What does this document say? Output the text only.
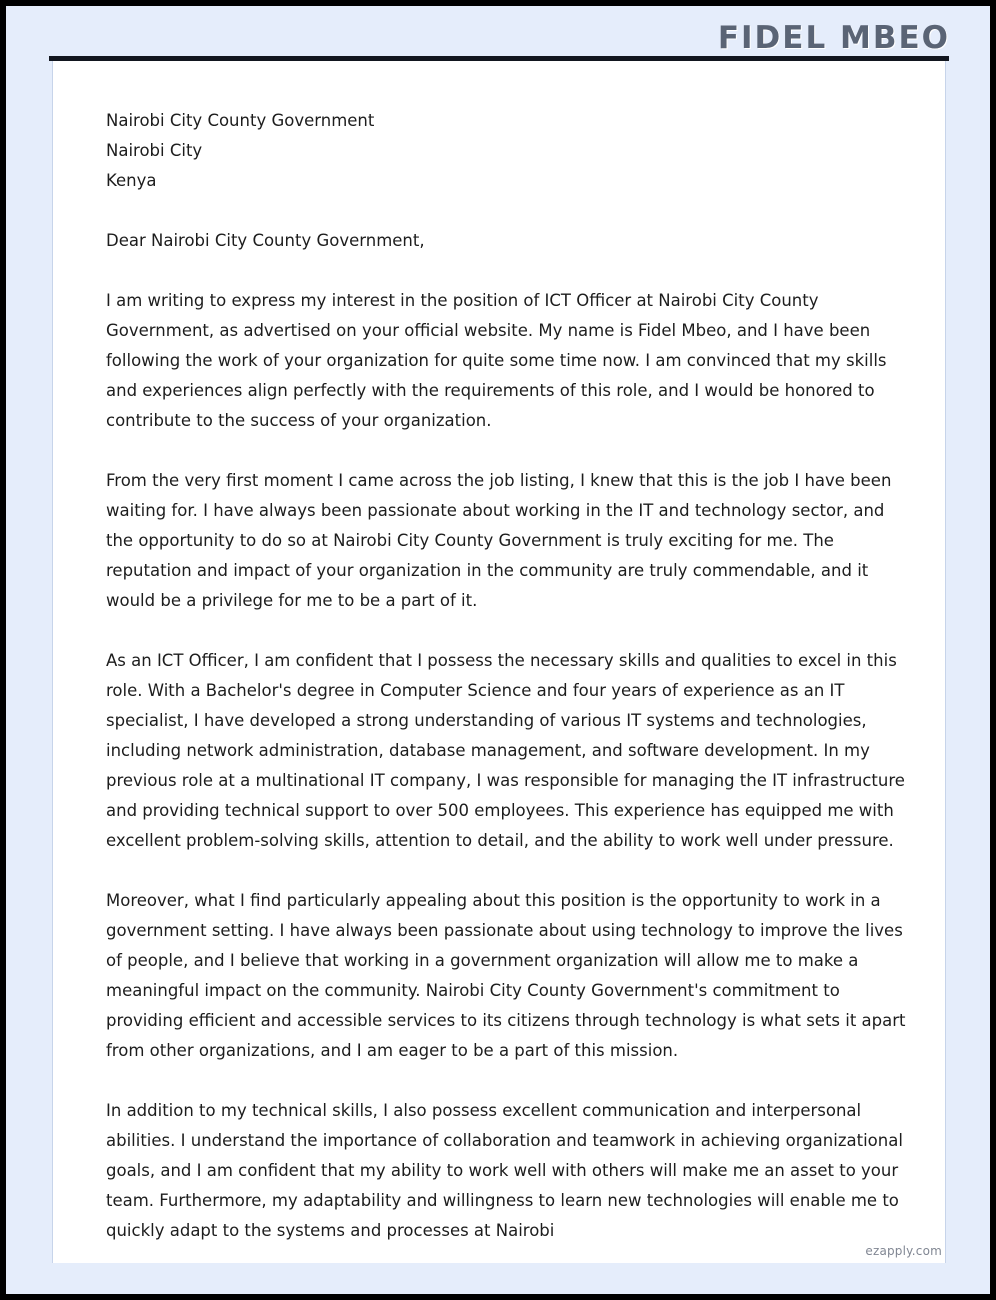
FIDEL MBEO
Nairobi City County Government
Nairobi City
Kenya
Dear Nairobi City County Government,

I am writing to express my interest in the position of ICT Officer at Nairobi City County Government, as advertised on your official website. My name is Fidel Mbeo, and I have been following the work of your organization for quite some time now. I am convinced that my skills and experiences align perfectly with the requirements of this role, and I would be honored to contribute to the success of your organization.

From the very first moment I came across the job listing, I knew that this is the job I have been waiting for. I have always been passionate about working in the IT and technology sector, and the opportunity to do so at Nairobi City County Government is truly exciting for me. The reputation and impact of your organization in the community are truly commendable, and it would be a privilege for me to be a part of it.

As an ICT Officer, I am confident that I possess the necessary skills and qualities to excel in this role. With a Bachelor's degree in Computer Science and four years of experience as an IT specialist, I have developed a strong understanding of various IT systems and technologies, including network administration, database management, and software development. In my previous role at a multinational IT company, I was responsible for managing the IT infrastructure and providing technical support to over 500 employees. This experience has equipped me with excellent problem-solving skills, attention to detail, and the ability to work well under pressure.

Moreover, what I find particularly appealing about this position is the opportunity to work in a government setting. I have always been passionate about using technology to improve the lives of people, and I believe that working in a government organization will allow me to make a meaningful impact on the community. Nairobi City County Government's commitment to providing efficient and accessible services to its citizens through technology is what sets it apart from other organizations, and I am eager to be a part of this mission.

In addition to my technical skills, I also possess excellent communication and interpersonal abilities. I understand the importance of collaboration and teamwork in achieving organizational goals, and I am confident that my ability to work well with others will make me an asset to your team. Furthermore, my adaptability and willingness to learn new technologies will enable me to quickly adapt to the systems and processes at Nairobi

ezapply.com
